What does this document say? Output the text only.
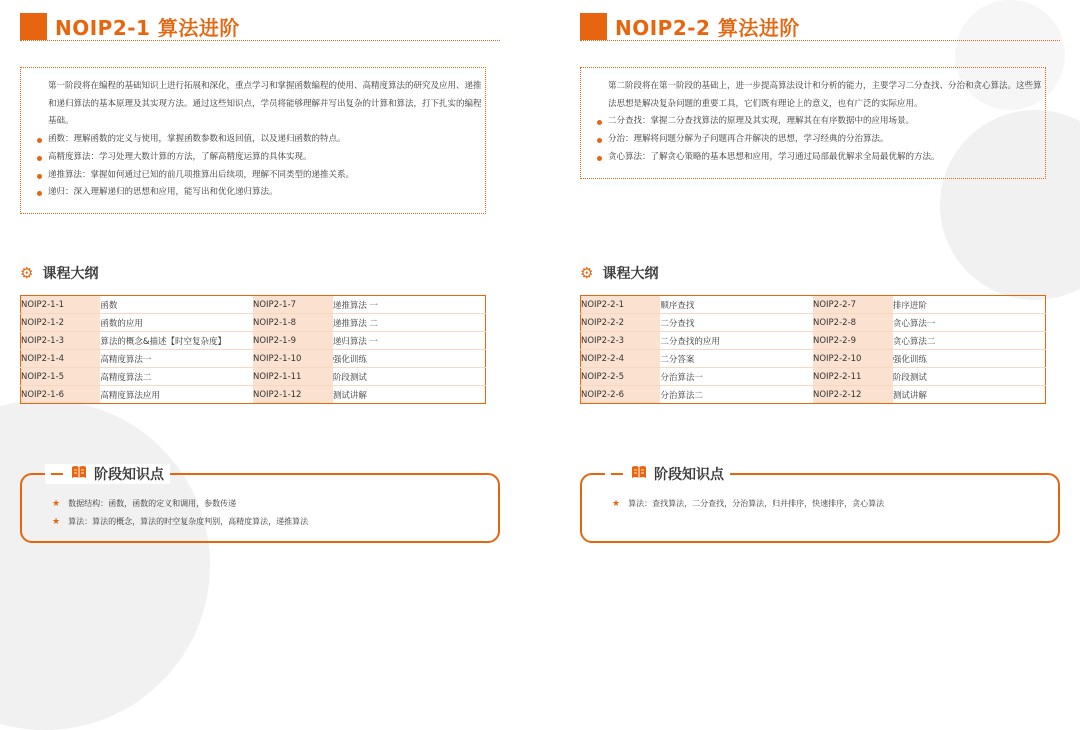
NOIP2-1 算法进阶

第一阶段将在编程的基础知识上进行拓展和深化，重点学习和掌握函数编程的使用、高精度算法的研究及应用、递推和递归算法的基本原理及其实现方法。通过这些知识点，学员将能够理解并写出复杂的计算和算法，打下扎实的编程基础。

函数：理解函数的定义与使用，掌握函数参数和返回值，以及递归函数的特点。
高精度算法：学习处理大数计算的方法，了解高精度运算的具体实现。
递推算法：掌握如何通过已知的前几项推算出后续项，理解不同类型的递推关系。
递归：深入理解递归的思想和应用，能写出和优化递归算法。
⚙ 课程大纲
NOIP2-1-1	函数	NOIP2-1-7	递推算法 一
NOIP2-1-2	函数的应用	NOIP2-1-8	递推算法 二
NOIP2-1-3	算法的概念&描述【时空复杂度】	NOIP2-1-9	递归算法 一
NOIP2-1-4	高精度算法一	NOIP2-1-10	强化训练
NOIP2-1-5	高精度算法二	NOIP2-1-11	阶段测试
NOIP2-1-6	高精度算法应用	NOIP2-1-12	测试讲解
阶段知识点
★ 数据结构：函数，函数的定义和调用，参数传递
★ 算法：算法的概念，算法的时空复杂度判别，高精度算法，递推算法
NOIP2-2 算法进阶

第二阶段将在第一阶段的基础上，进一步提高算法设计和分析的能力，主要学习二分查找、分治和贪心算法。这些算法思想是解决复杂问题的重要工具，它们既有理论上的意义，也有广泛的实际应用。

二分查找：掌握二分查找算法的原理及其实现，理解其在有序数据中的应用场景。
分治：理解将问题分解为子问题再合并解决的思想，学习经典的分治算法。
贪心算法：了解贪心策略的基本思想和应用，学习通过局部最优解求全局最优解的方法。
⚙ 课程大纲
NOIP2-2-1	顺序查找	NOIP2-2-7	排序进阶
NOIP2-2-2	二分查找	NOIP2-2-8	贪心算法一
NOIP2-2-3	二分查找的应用	NOIP2-2-9	贪心算法二
NOIP2-2-4	二分答案	NOIP2-2-10	强化训练
NOIP2-2-5	分治算法一	NOIP2-2-11	阶段测试
NOIP2-2-6	分治算法二	NOIP2-2-12	测试讲解
阶段知识点
★ 算法：查找算法，二分查找，分治算法，归并排序，快速排序，贪心算法
